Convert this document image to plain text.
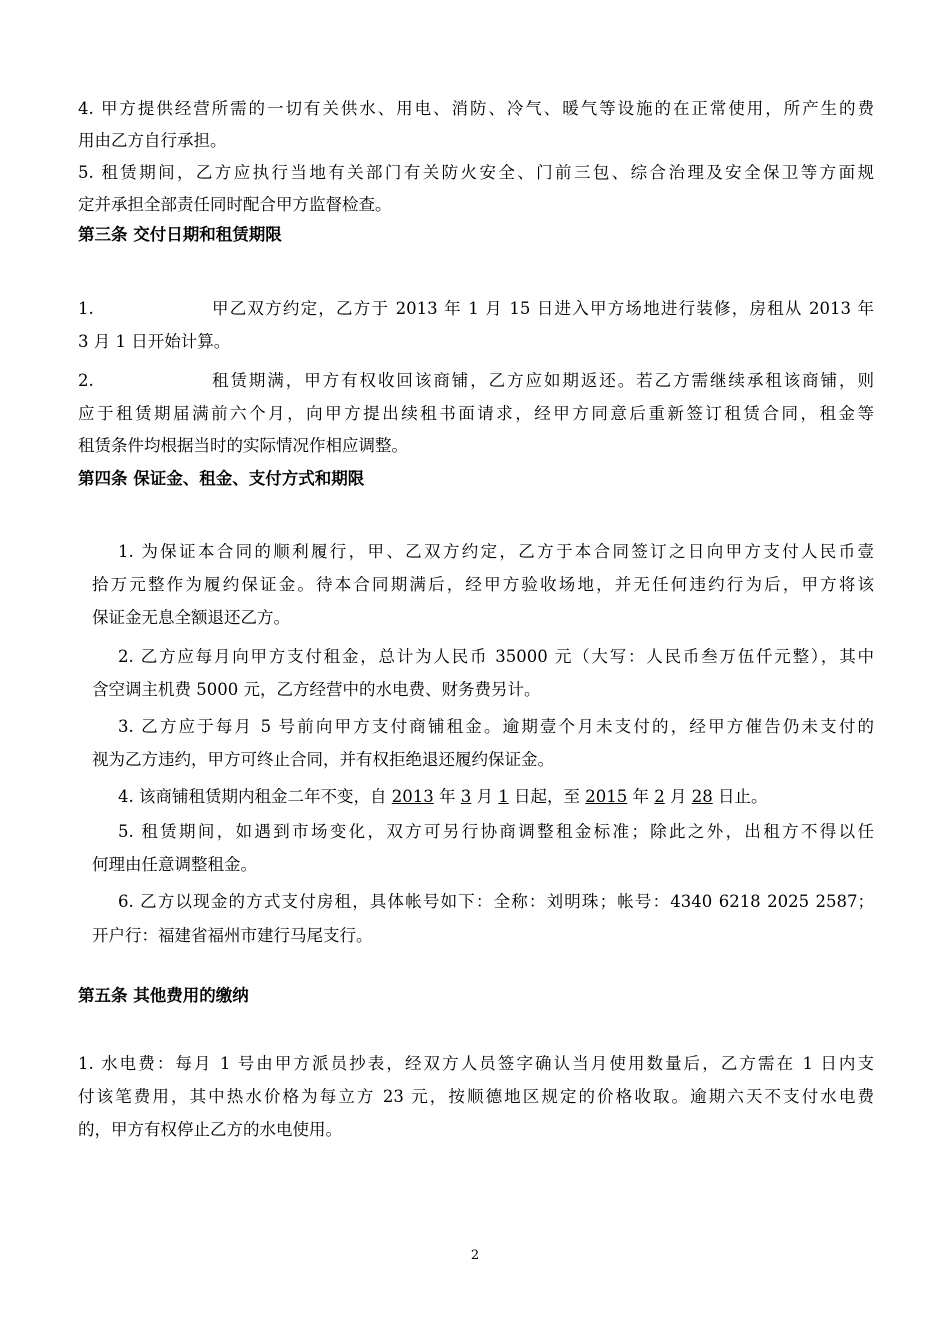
4. 甲方提供经营所需的一切有关供水、用电、消防、冷气、暖气等设施的在正常使用，所产生的费
用由乙方自行承担。
5. 租赁期间，乙方应执行当地有关部门有关防火安全、门前三包、综合治理及安全保卫等方面规
定并承担全部责任同时配合甲方监督检查。
第三条 交付日期和租赁期限
1.	甲乙双方约定，乙方于 2013 年 1 月 15 日进入甲方场地进行装修，房租从 2013 年
3 月 1 日开始计算。
2.	租赁期满，甲方有权收回该商铺，乙方应如期返还。若乙方需继续承租该商铺，则
应于租赁期届满前六个月，向甲方提出续租书面请求，经甲方同意后重新签订租赁合同，租金等
租赁条件均根据当时的实际情况作相应调整。
第四条 保证金、租金、支付方式和期限
1. 为保证本合同的顺利履行，甲、乙双方约定，乙方于本合同签订之日向甲方支付人民币壹
拾万元整作为履约保证金。待本合同期满后，经甲方验收场地，并无任何违约行为后，甲方将该
保证金无息全额退还乙方。
2. 乙方应每月向甲方支付租金，总计为人民币 35000 元（大写：人民币叁万伍仟元整），其中
含空调主机费 5000 元，乙方经营中的水电费、财务费另计。
3. 乙方应于每月 5 号前向甲方支付商铺租金。逾期壹个月未支付的，经甲方催告仍未支付的
视为乙方违约，甲方可终止合同，并有权拒绝退还履约保证金。
4. 该商铺租赁期内租金二年不变，自 2013 年 3 月 1 日起，至 2015 年 2 月 28 日止。
5. 租赁期间，如遇到市场变化，双方可另行协商调整租金标准；除此之外，出租方不得以任
何理由任意调整租金。
6. 乙方以现金的方式支付房租，具体帐号如下：全称：刘明珠；帐号：4340 6218 2025 2587；
开户行：福建省福州市建行马尾支行。
第五条 其他费用的缴纳
1. 水电费：每月 1 号由甲方派员抄表，经双方人员签字确认当月使用数量后，乙方需在 1 日内支
付该笔费用，其中热水价格为每立方 23 元，按顺德地区规定的价格收取。逾期六天不支付水电费
的，甲方有权停止乙方的水电使用。
2
